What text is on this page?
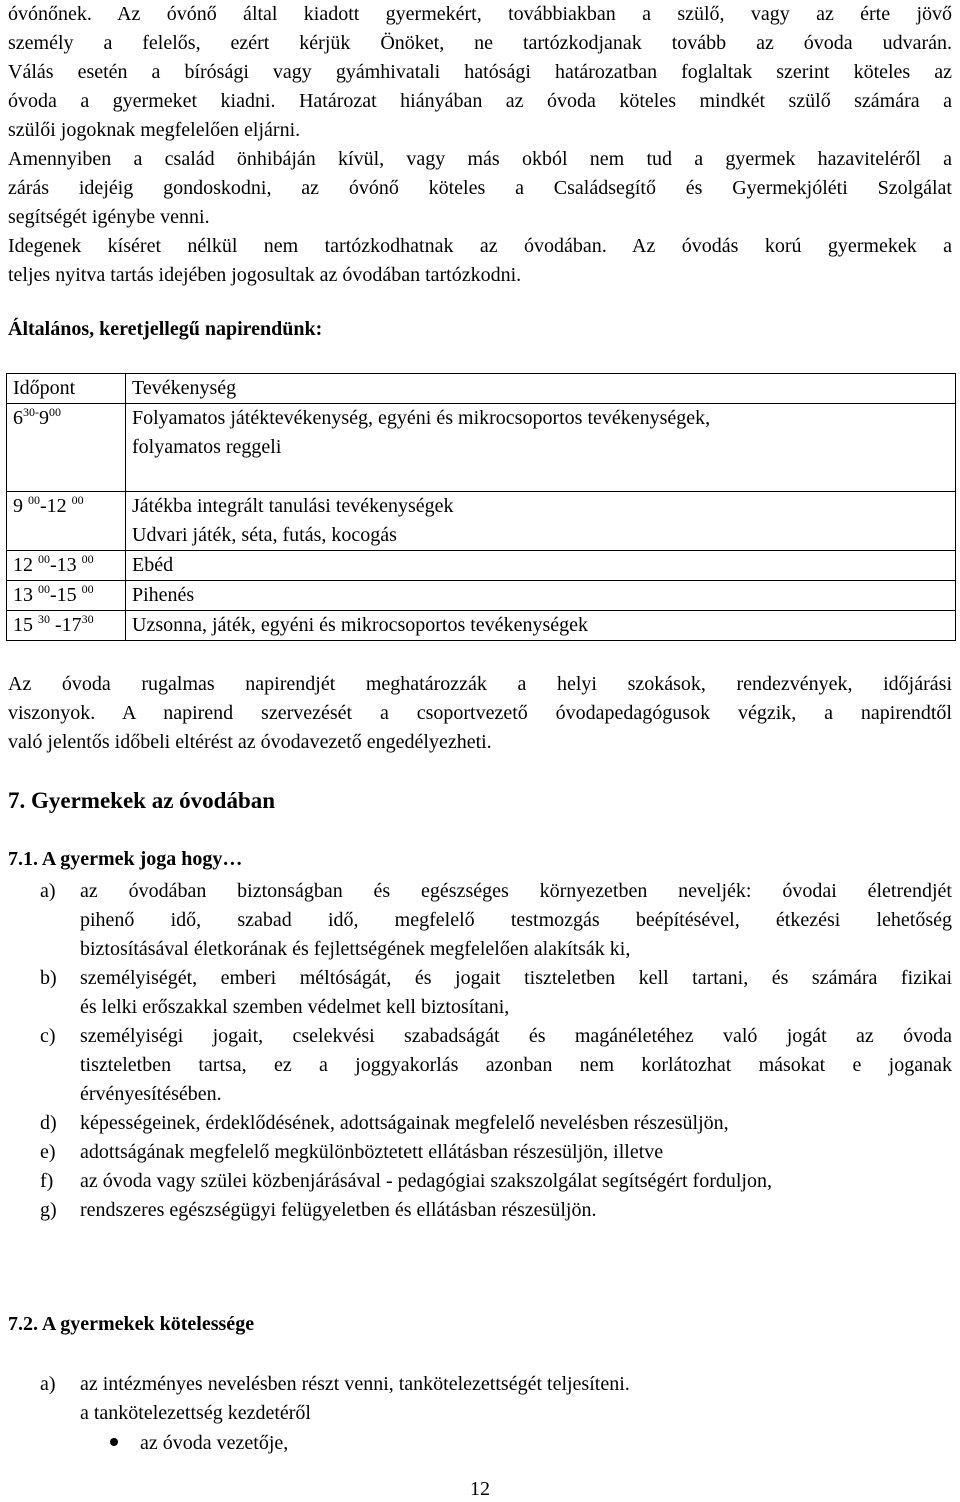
óvónőnek. Az óvónő által kiadott gyermekért, továbbiakban a szülő, vagy az érte jövő
személy a felelős, ezért kérjük Önöket, ne tartózkodjanak tovább az óvoda udvarán.
Válás esetén a bírósági vagy gyámhivatali hatósági határozatban foglaltak szerint köteles az
óvoda a gyermeket kiadni. Határozat hiányában az óvoda köteles mindkét szülő számára a
szülői jogoknak megfelelően eljárni.
Amennyiben a család önhibáján kívül, vagy más okból nem tud a gyermek hazaviteléről a
zárás idejéig gondoskodni, az óvónő köteles a Családsegítő és Gyermekjóléti Szolgálat
segítségét igénybe venni.
Idegenek kíséret nélkül nem tartózkodhatnak az óvodában. Az óvodás korú gyermekek a
teljes nyitva tartás idejében jogosultak az óvodában tartózkodni.
Általános, keretjellegű napirendünk:
Időpont	Tevékenység
$6^{30-}9^{00}$	Folyamatos játéktevékenység, egyéni és mikrocsoportos tevékenységek,
folyamatos reggeli

9 $^{00}$-12 $^{00}$	Játékba integrált tanulási tevékenységek
Udvari játék, séta, futás, kocogás

12 $^{00}$-13 $^{00}$	Ebéd
13 $^{00}$-15 $^{00}$	Pihenés
15 $^{30}$ $-17^{30}$	Uzsonna, játék, egyéni és mikrocsoportos tevékenységek
Az óvoda rugalmas napirendjét meghatározzák a helyi szokások, rendezvények, időjárási
viszonyok. A napirend szervezését a csoportvezető óvodapedagógusok végzik, a napirendtől
való jelentős időbeli eltérést az óvodavezető engedélyezheti.
7. Gyermekek az óvodában
7.1. A gyermek joga hogy…
a) az óvodában biztonságban és egészséges környezetben neveljék: óvodai életrendjét
pihenő idő, szabad idő, megfelelő testmozgás beépítésével, étkezési lehetőség
biztosításával életkorának és fejlettségének megfelelően alakítsák ki,
b) személyiségét, emberi méltóságát, és jogait tiszteletben kell tartani, és számára fizikai
és lelki erőszakkal szemben védelmet kell biztosítani,
c) személyiségi jogait, cselekvési szabadságát és magánéletéhez való jogát az óvoda
tiszteletben tartsa, ez a joggyakorlás azonban nem korlátozhat másokat e joganak
érvényesítésében.
d) képességeinek, érdeklődésének, adottságainak megfelelő nevelésben részesüljön,
e) adottságának megfelelő megkülönböztetett ellátásban részesüljön, illetve
f) az óvoda vagy szülei közbenjárásával - pedagógiai szakszolgálat segítségért forduljon,
g) rendszeres egészségügyi felügyeletben és ellátásban részesüljön.
7.2. A gyermekek kötelessége
a) az intézményes nevelésben részt venni, tankötelezettségét teljesíteni.
a tankötelezettség kezdetéről
az óvoda vezetője,
12
